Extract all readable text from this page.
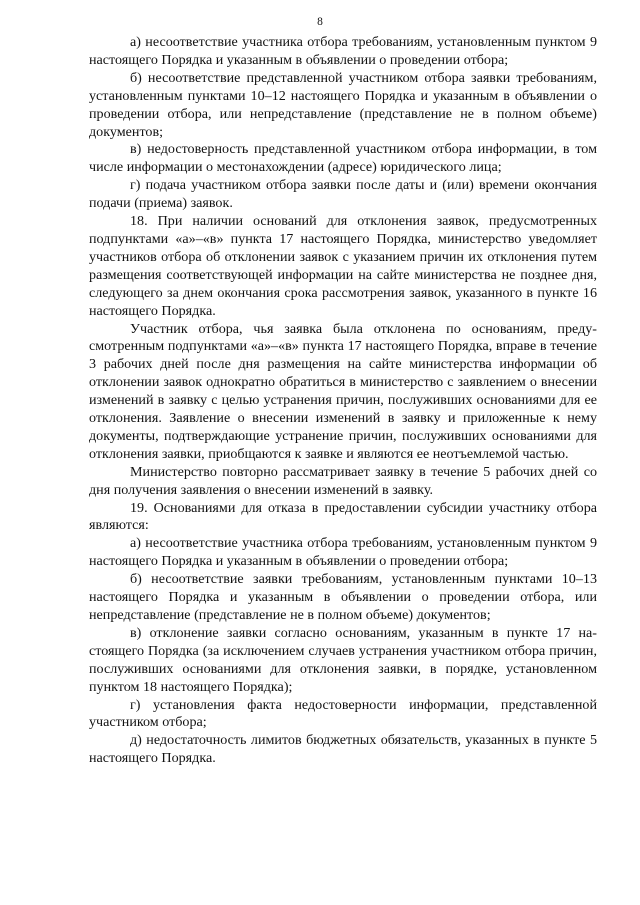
8

а) несоответствие участника отбора требованиям, установленным пунктом 9 настоящего Порядка и указанным в объявлении о проведении отбора;

б) несоответствие представленной участником отбора заявки требованиям, установленным пунктами 10–12 настоящего Порядка и указанным в объявлении о проведении отбора, или непредставление (представление не в полном объеме) документов;

в) недостоверность представленной участником отбора информации, в том числе информации о местонахождении (адресе) юридического лица;

г) подача участником отбора заявки после даты и (или) времени окончания подачи (приема) заявок.

18. При наличии оснований для отклонения заявок, предусмотренных подпунктами «а»–«в» пункта 17 настоящего Порядка, министерство уведомляет участников отбора об отклонении заявок с указанием причин их отклонения путем размещения соответствующей информации на сайте министерства не позднее дня, следующего за днем окончания срока рассмотрения заявок, указанного в пункте 16 настоящего Порядка.

Участник отбора, чья заявка была отклонена по основаниям, предусмотренным подпунктами «а»–«в» пункта 17 настоящего Порядка, вправе в течение 3 рабочих дней после дня размещения на сайте министерства информации об отклонении заявок однократно обратиться в министерство с заявлением о внесении изменений в заявку с целью устранения причин, послуживших основаниями для ее отклонения. Заявление о внесении изменений в заявку и приложенные к нему документы, подтверждающие устранение причин, послуживших основаниями для отклонения заявки, приобщаются к заявке и являются ее неотъемлемой частью.

Министерство повторно рассматривает заявку в течение 5 рабочих дней со дня получения заявления о внесении изменений в заявку.

19. Основаниями для отказа в предоставлении субсидии участнику отбора являются:

а) несоответствие участника отбора требованиям, установленным пунктом 9 настоящего Порядка и указанным в объявлении о проведении отбора;

б) несоответствие заявки требованиям, установленным пунктами 10–13 настоящего Порядка и указанным в объявлении о проведении отбора, или непредставление (представление не в полном объеме) документов;

в) отклонение заявки согласно основаниям, указанным в пункте 17 настоящего Порядка (за исключением случаев устранения участником отбора причин, послуживших основаниями для отклонения заявки, в порядке, установленном пунктом 18 настоящего Порядка);

г) установления факта недостоверности информации, представленной участником отбора;

д) недостаточность лимитов бюджетных обязательств, указанных в пункте 5 настоящего Порядка.
